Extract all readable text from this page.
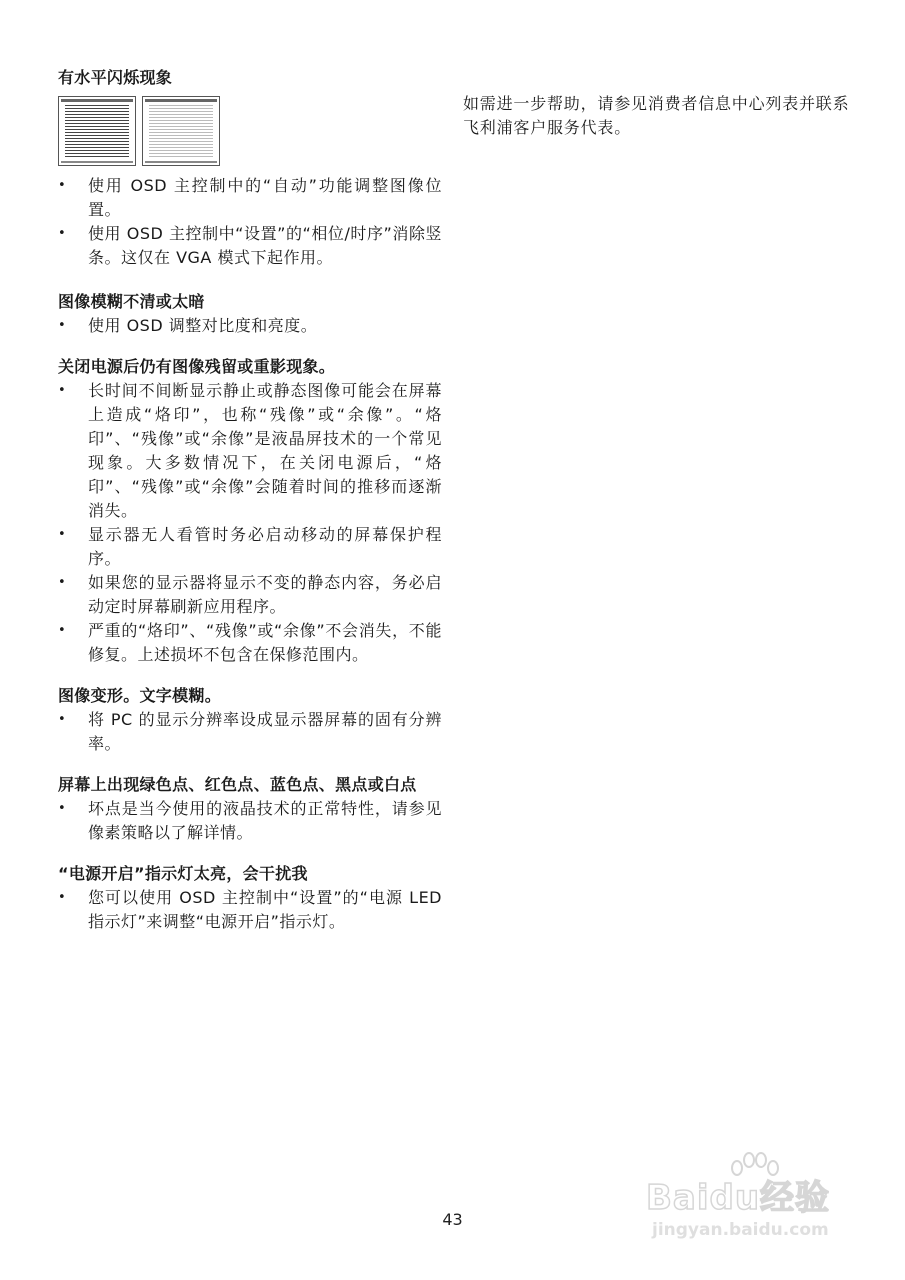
有水平闪烁现象

• 使用 OSD 主控制中的“自动”功能调整图像位置。
• 使用 OSD 主控制中“设置”的“相位/时序”消除竖条。这仅在 VGA 模式下起作用。

图像模糊不清或太暗

• 使用 OSD 调整对比度和亮度。

关闭电源后仍有图像残留或重影现象。

• 长时间不间断显示静止或静态图像可能会在屏幕上造成“烙印”，也称“残像”或“余像”。“烙印”、“残像”或“余像”是液晶屏技术的一个常见现象。大多数情况下，在关闭电源后，“烙印”、“残像”或“余像”会随着时间的推移而逐渐消失。
• 显示器无人看管时务必启动移动的屏幕保护程序。
• 如果您的显示器将显示不变的静态内容，务必启动定时屏幕刷新应用程序。
• 严重的“烙印”、“残像”或“余像”不会消失，不能修复。上述损坏不包含在保修范围内。

图像变形。文字模糊。

• 将 PC 的显示分辨率设成显示器屏幕的固有分辨率。

屏幕上出现绿色点、红色点、蓝色点、黑点或白点

• 坏点是当今使用的液晶技术的正常特性，请参见像素策略以了解详情。

“电源开启”指示灯太亮，会干扰我

• 您可以使用 OSD 主控制中“设置”的“电源 LED 指示灯”来调整“电源开启”指示灯。

如需进一步帮助，请参见消费者信息中心列表并联系飞利浦客户服务代表。

43
Baidu经验
jingyan.baidu.com
